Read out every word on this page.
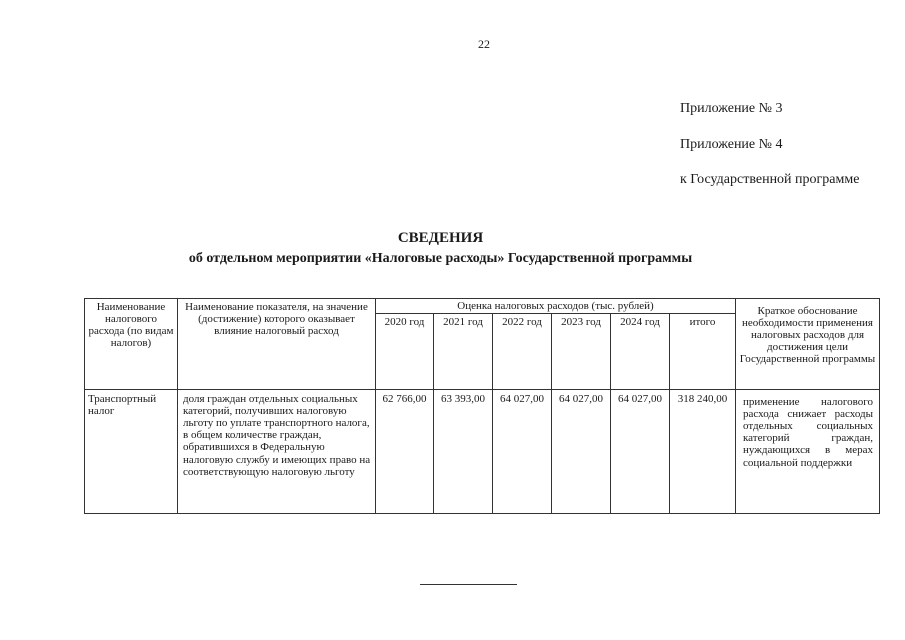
22
Приложение № 3
Приложение № 4
к Государственной программе
СВЕДЕНИЯ
об отдельном мероприятии «Налоговые расходы» Государственной программы
Наименование налогового расхода (по видам налогов)	Наименование показателя, на значение (достижение) которого оказывает влияние налоговый расход	Оценка налоговых расходов (тыс. рублей)						Краткое обоснование необходимости применения налоговых расходов для достижения цели Государственной программы
		2020 год	2021 год	2022 год	2023 год	2024 год	итого	
Транспортный налог	доля граждан отдельных социальных категорий, получивших налоговую льготу по уплате транспортного налога, в общем количестве граждан, обратившихся в Федеральную налоговую службу и имеющих право на соответствующую налоговую льготу	62 766,00	63 393,00	64 027,00	64 027,00	64 027,00	318 240,00	применение налогового расхода снижает расходы отдельных социальных категорий граждан, нуждающихся в мерах социальной поддержки
